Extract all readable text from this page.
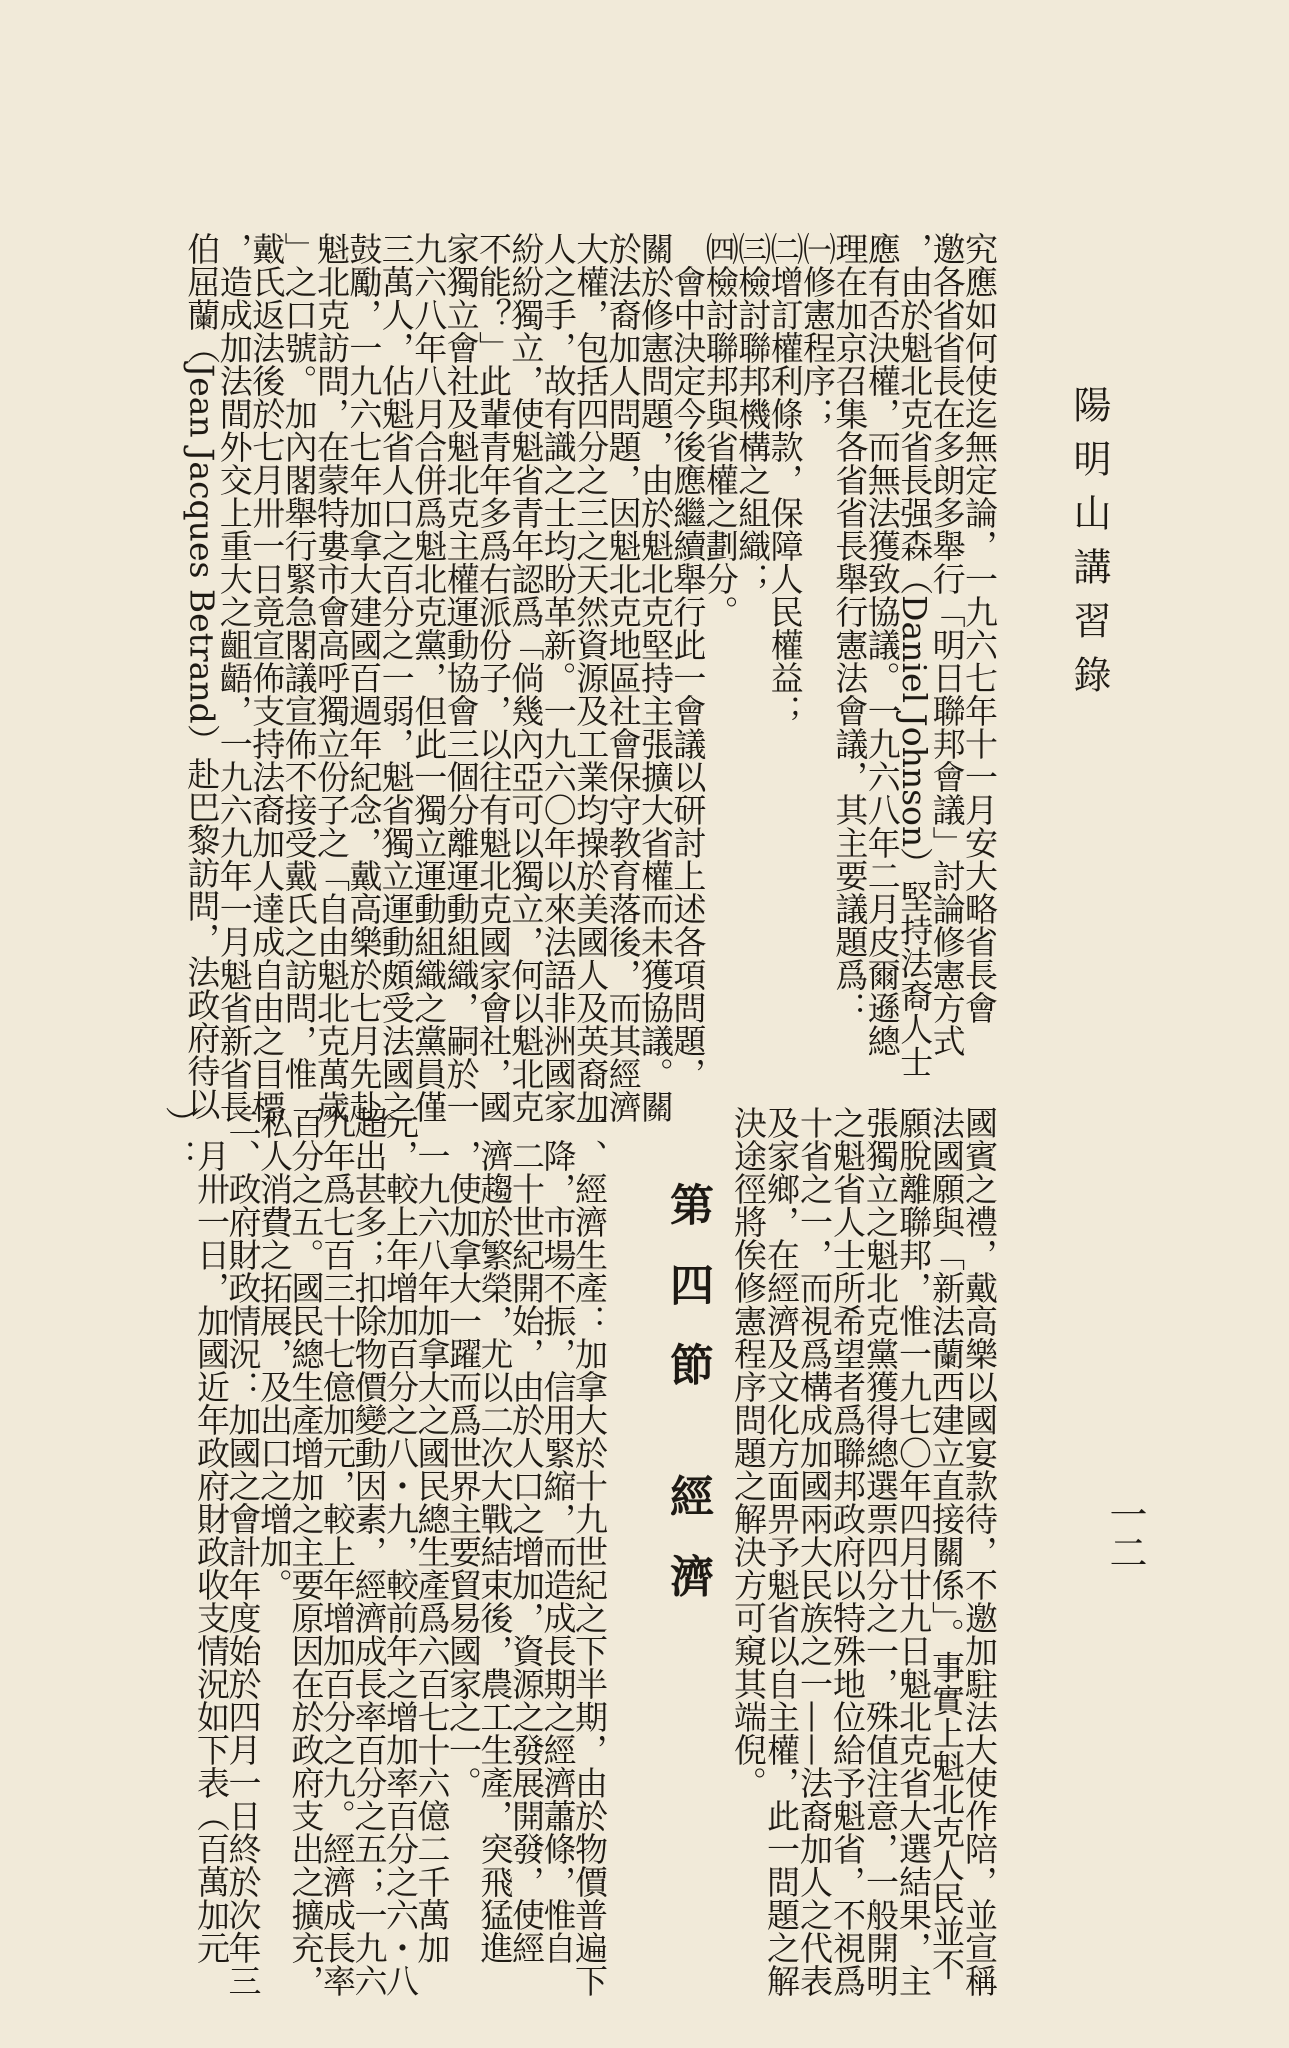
陽明山講習錄
一二
究應如何使迄無定論，一九六七年十一月安大略省長會
邀各省省長在多朗多舉行「明日聯邦會議」討論修憲方式
，由於魁北克省長强森（Daniel Johnson）堅持法裔人士
應有否決權，而無法獲致協議。一九六八年二月皮爾遜總
理在加京召集各省省長舉行憲法會議，其主要議題爲：
㈠修憲程序；
㈡增訂權利條款，保障人民權益；
㈢檢討聯邦機構之組織；
㈣檢討聯邦與省權之劃分。
會中決定今後應繼續舉行此一會議以研討上述各項問題，
關於修憲問題，由於魁北克堅持主張擴大省權而未獲協議。關
於法裔加人問題，因魁北克地區社會保守教育落後，而其經濟
大權，包括四分之三之天然資源及工業均操於美國人及英裔加
人之手，故有識之士均盼革新。一九六〇年以來法語非洲國家
紛紛獨立，使魁省青年認爲「倘幾內亞可以獨立，何以魁北克
不能？」此輩青年多爲右派份子，以往有魁北克國家會社，國
家獨立會社及魁北克主權運動協會三個分離運動組織，嗣於一
九六八年八月合併爲魁北克黨，但此一獨立運動組織之黨員僅
三萬人，佔魁省人口之百分之一弱，魁省獨立運動頗受法國之
鼓勵，一九六七年加拿大建國百週年紀念，戴高樂於七月先赴
魁北克訪問，在蒙特婁市會高呼獨立份子之「自由魁北克萬歲
」之口號。加內閣舉行緊急閣議宣佈不接受戴氏之訪問，惟
戴氏返法後於七月卅一日竟宣佈支持法裔加人達成自由之目標
，造成加法間外交上重大之齟齬，一九六九年一月魁省新省長
伯屈蘭（Jean Jacques Betrand）赴巴黎訪問，法政府待以
國賓之禮，戴高樂以國宴款待，不邀加駐法大使作陪，並宣稱
法國願與「新法蘭西建立直接關係」。事實上魁北克人民並不
願脫離聯邦，惟一九七〇年四月廿九日魁北克省大選結果，主
張獨立之魁北克黨獲得總選票四分之一，殊值注意，一般開明
之魁省人士所希望者爲聯邦政府以特殊地位給予魁省，不視爲
十省之一，而視爲構成加國兩大民族之一——法裔加人之代表
及家鄉，在經濟及文化方面畀予魁省以自主權，此一問題之解
決途徑將俟修憲程序問題之解決方可窺其端倪。
第四節 經濟
一、經濟生產：加拿大於十九世紀之下半期，由於物價普遍下
降，市場不振，信用緊縮，而造成長期之經濟蕭條，惟自
二十世紀開始，由於人口之增加，資源之發展開發，使經
濟趨於繁榮，尤以二次大戰結束後，農工生產，突飛猛進
，使加拿大一躍而爲世界主要貿易國家之一。
一九六八年加拿大之國民總生產爲六百七十六億二千萬加
元，較上年增加百分之八・九，較前年之增加率百分之六・八
超出甚多；扣除物價變動因素，經濟成長率百分之五；一九六
九年爲七百三十七億加元，較上年增加百分之九。經濟成長率
百分之五。國民總生產增加之主要原因在於政府支出之擴充，
私人消費之拓展，及出口之增加。
二、政府財政情況：加國之會計年度始於四月一日終於次年三
月卅一日，加國近年政府財政收支情況如下表（百萬加元
）：
